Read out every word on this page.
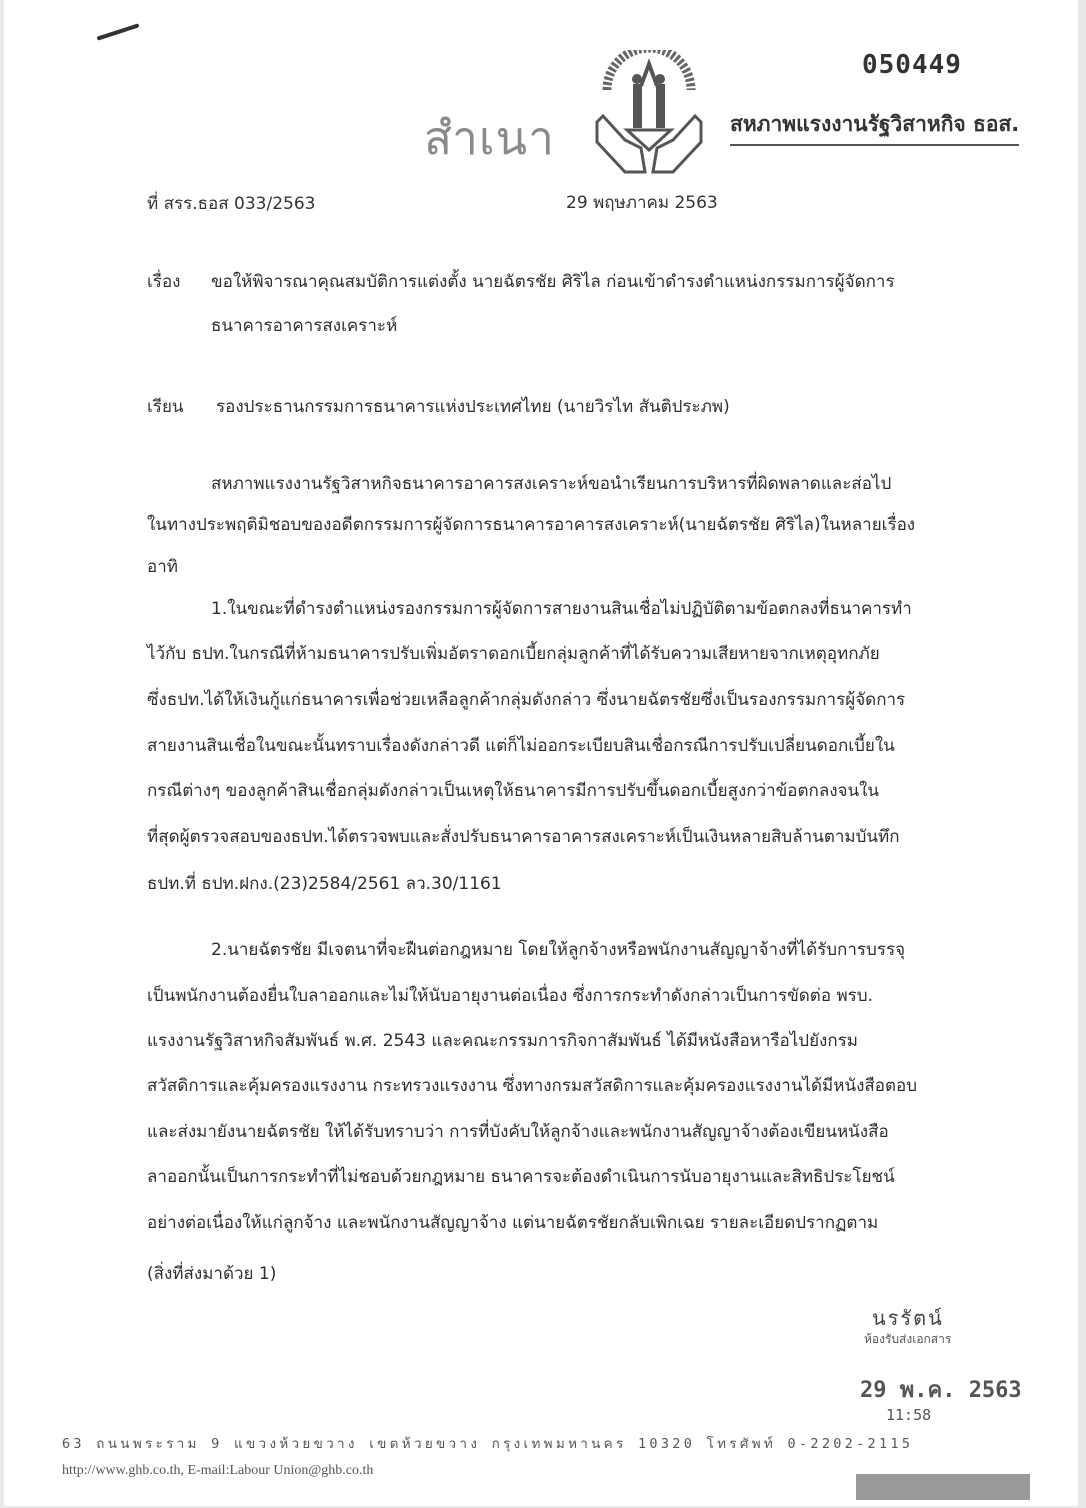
050449
สำเนา	สหภาพแรงงานรัฐวิสาหกิจ ธอส.
ที่ สรร.ธอส 033/2563	29 พฤษภาคม 2563
เรื่อง ขอให้พิจารณาคุณสมบัติการแต่งตั้ง นายฉัตรชัย ศิริไล ก่อนเข้าดำรงตำแหน่งกรรมการผู้จัดการ
ธนาคารอาคารสงเคราะห์
เรียน รองประธานกรรมการธนาคารแห่งประเทศไทย (นายวิรไท สันติประภพ)
สหภาพแรงงานรัฐวิสาหกิจธนาคารอาคารสงเคราะห์ขอนำเรียนการบริหารที่ผิดพลาดและส่อไป
ในทางประพฤติมิชอบของอดีตกรรมการผู้จัดการธนาคารอาคารสงเคราะห์(นายฉัตรชัย ศิริไล)ในหลายเรื่อง
อาทิ
1.ในขณะที่ดำรงตำแหน่งรองกรรมการผู้จัดการสายงานสินเชื่อไม่ปฏิบัติตามข้อตกลงที่ธนาคารทำ
ไว้กับ ธปท.ในกรณีที่ห้ามธนาคารปรับเพิ่มอัตราดอกเบี้ยกลุ่มลูกค้าที่ได้รับความเสียหายจากเหตุอุทกภัย
ซึ่งธปท.ได้ให้เงินกู้แก่ธนาคารเพื่อช่วยเหลือลูกค้ากลุ่มดังกล่าว ซึ่งนายฉัตรชัยซึ่งเป็นรองกรรมการผู้จัดการ
สายงานสินเชื่อในขณะนั้นทราบเรื่องดังกล่าวดี แต่ก็ไม่ออกระเบียบสินเชื่อกรณีการปรับเปลี่ยนดอกเบี้ยใน
กรณีต่างๆ ของลูกค้าสินเชื่อกลุ่มดังกล่าวเป็นเหตุให้ธนาคารมีการปรับขึ้นดอกเบี้ยสูงกว่าข้อตกลงจนใน
ที่สุดผู้ตรวจสอบของธปท.ได้ตรวจพบและสั่งปรับธนาคารอาคารสงเคราะห์เป็นเงินหลายสิบล้านตามบันทึก
ธปท.ที่ ธปท.ฝกง.(23)2584/2561 ลว.30/1161
2.นายฉัตรชัย มีเจตนาที่จะฝืนต่อกฎหมาย โดยให้ลูกจ้างหรือพนักงานสัญญาจ้างที่ได้รับการบรรจุ
เป็นพนักงานต้องยื่นใบลาออกและไม่ให้นับอายุงานต่อเนื่อง ซึ่งการกระทำดังกล่าวเป็นการขัดต่อ พรบ.
แรงงานรัฐวิสาหกิจสัมพันธ์ พ.ศ. 2543 และคณะกรรมการกิจกาสัมพันธ์ ได้มีหนังสือหารือไปยังกรม
สวัสดิการและคุ้มครองแรงงาน กระทรวงแรงงาน ซึ่งทางกรมสวัสดิการและคุ้มครองแรงงานได้มีหนังสือตอบ
และส่งมายังนายฉัตรชัย ให้ได้รับทราบว่า การที่บังคับให้ลูกจ้างและพนักงานสัญญาจ้างต้องเขียนหนังสือ
ลาออกนั้นเป็นการกระทำที่ไม่ชอบด้วยกฎหมาย ธนาคารจะต้องดำเนินการนับอายุงานและสิทธิประโยชน์
อย่างต่อเนื่องให้แก่ลูกจ้าง และพนักงานสัญญาจ้าง แต่นายฉัตรชัยกลับเพิกเฉย รายละเอียดปรากฏตาม
(สิ่งที่ส่งมาด้วย 1)
นรรัตน์
ห้องรับส่งเอกสาร
29 พ.ค. 2563
11:58
63 ถนนพระราม 9 แขวงห้วยขวาง เขตห้วยขวาง กรุงเทพมหานคร 10320 โทรศัพท์ 0-2202-2115
http://www.ghb.co.th, E-mail:Labour Union@ghb.co.th
